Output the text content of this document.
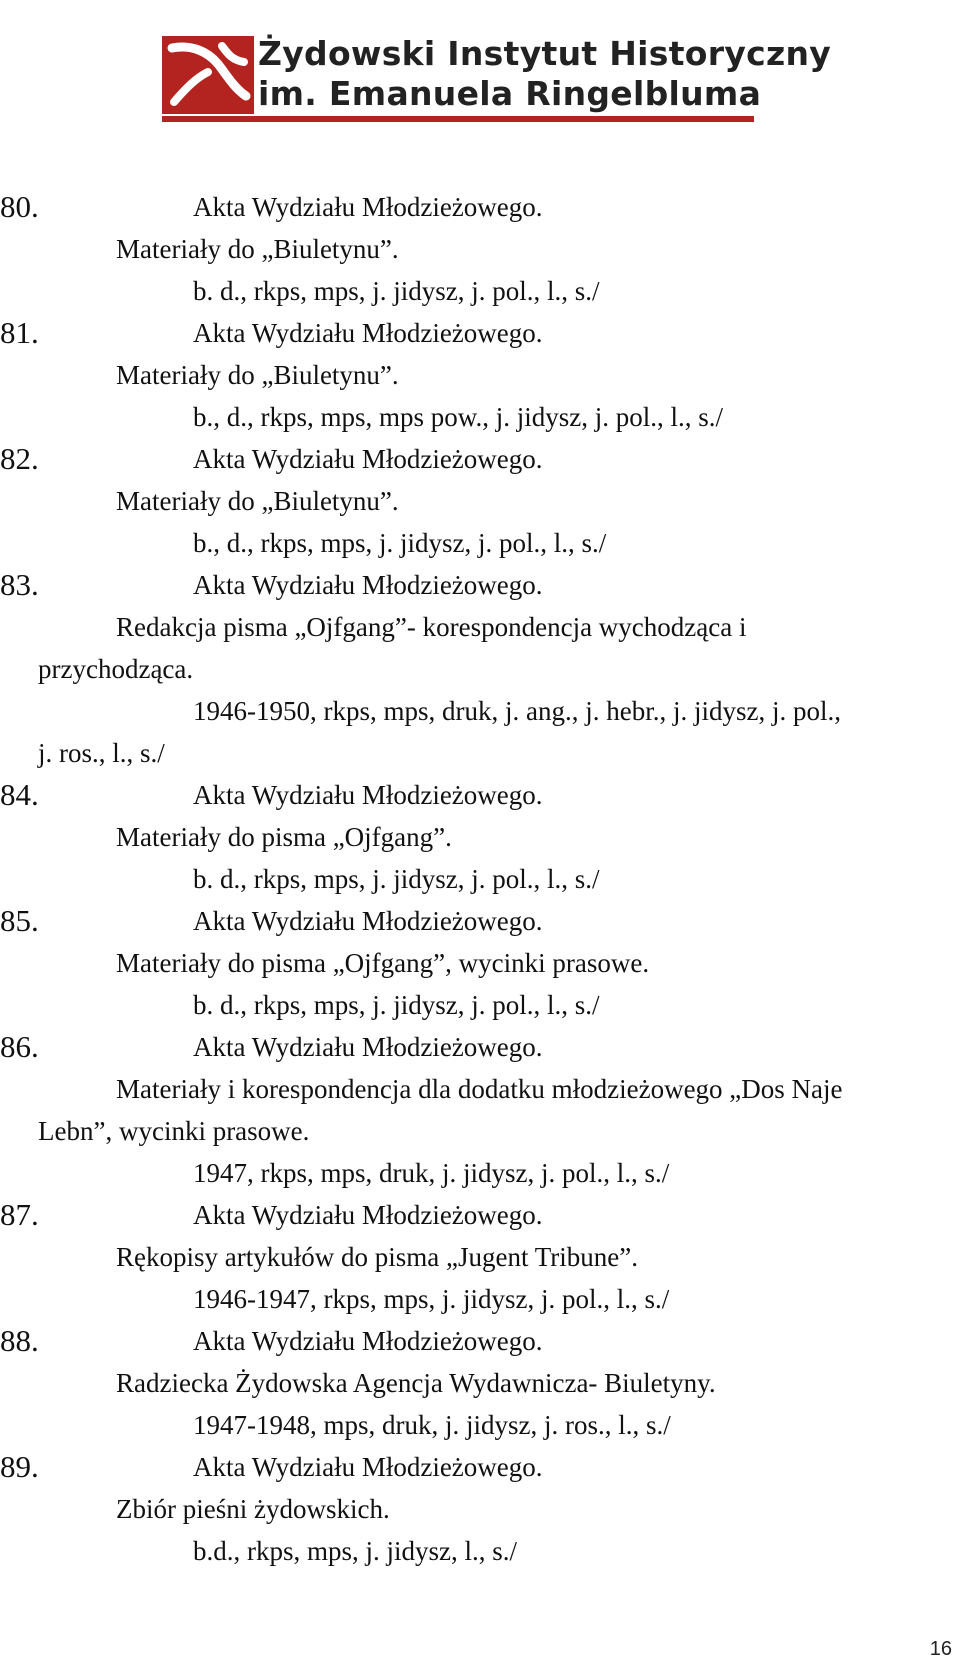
Żydowski Instytut Historyczny
im. Emanuela Ringelbluma
80.	Akta Wydziału Młodzieżowego.
Materiały do „Biuletynu”.
b. d., rkps, mps, j. jidysz, j. pol., l., s./
81.	Akta Wydziału Młodzieżowego.
Materiały do „Biuletynu”.
b., d., rkps, mps, mps pow., j. jidysz, j. pol., l., s./
82.	Akta Wydziału Młodzieżowego.
Materiały do „Biuletynu”.
b., d., rkps, mps, j. jidysz, j. pol., l., s./
83.	Akta Wydziału Młodzieżowego.
Redakcja pisma „Ojfgang”- korespondencja wychodząca i
przychodząca.
1946-1950, rkps, mps, druk, j. ang., j. hebr., j. jidysz, j. pol.,
j. ros., l., s./
84.	Akta Wydziału Młodzieżowego.
Materiały do pisma „Ojfgang”.
b. d., rkps, mps, j. jidysz, j. pol., l., s./
85.	Akta Wydziału Młodzieżowego.
Materiały do pisma „Ojfgang”, wycinki prasowe.
b. d., rkps, mps, j. jidysz, j. pol., l., s./
86.	Akta Wydziału Młodzieżowego.
Materiały i korespondencja dla dodatku młodzieżowego „Dos Naje
Lebn”, wycinki prasowe.
1947, rkps, mps, druk, j. jidysz, j. pol., l., s./
87.	Akta Wydziału Młodzieżowego.
Rękopisy artykułów do pisma „Jugent Tribune”.
1946-1947, rkps, mps, j. jidysz, j. pol., l., s./
88.	Akta Wydziału Młodzieżowego.
Radziecka Żydowska Agencja Wydawnicza- Biuletyny.
1947-1948, mps, druk, j. jidysz, j. ros., l., s./
89.	Akta Wydziału Młodzieżowego.
Zbiór pieśni żydowskich.
b.d., rkps, mps, j. jidysz, l., s./
16
